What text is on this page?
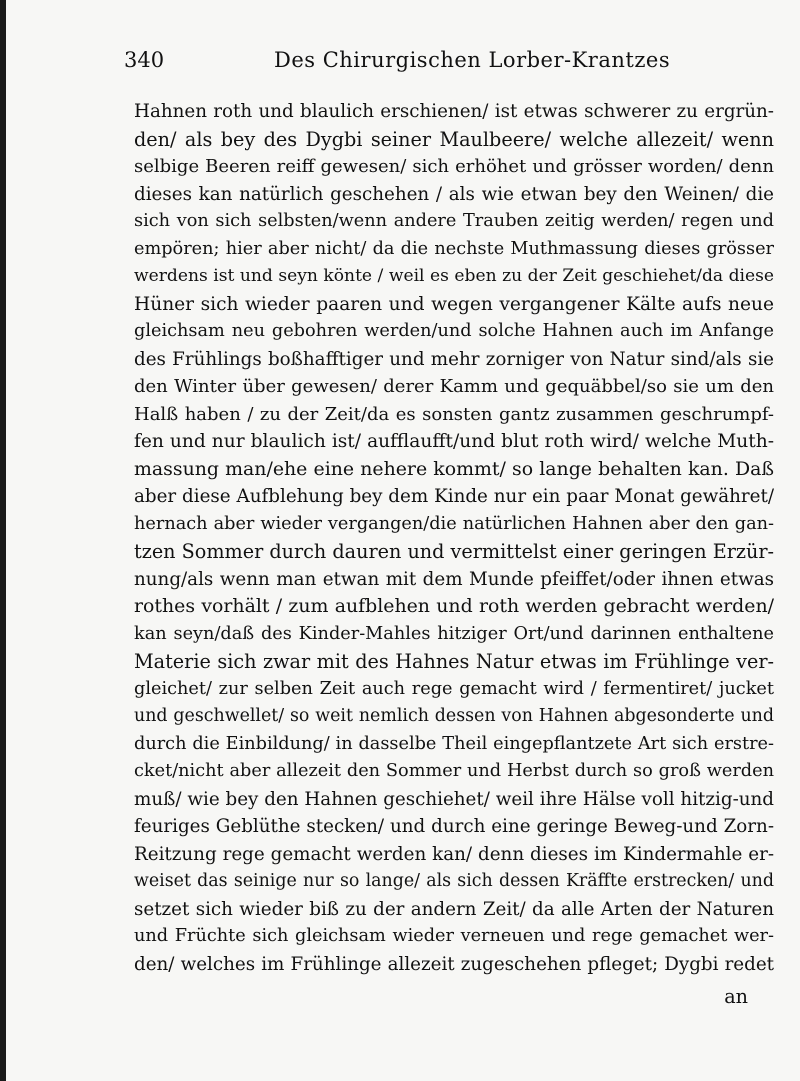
340	Des Chirurgischen Lorber-Krantzes
Hahnen roth und blaulich erschienen/ ist etwas schwerer zu ergrün-
den/ als bey des Dygbi seiner Maulbeere/ welche allezeit/ wenn
selbige Beeren reiff gewesen/ sich erhöhet und grösser worden/ denn
dieses kan natürlich geschehen / als wie etwan bey den Weinen/ die
sich von sich selbsten/wenn andere Trauben zeitig werden/ regen und
empören; hier aber nicht/ da die nechste Muthmassung dieses grösser
werdens ist und seyn könte / weil es eben zu der Zeit geschiehet/da diese
Hüner sich wieder paaren und wegen vergangener Kälte aufs neue
gleichsam neu gebohren werden/und solche Hahnen auch im Anfange
des Frühlings boßhafftiger und mehr zorniger von Natur sind/als sie
den Winter über gewesen/ derer Kamm und gequäbbel/so sie um den
Halß haben / zu der Zeit/da es sonsten gantz zusammen geschrumpf-
fen und nur blaulich ist/ aufflaufft/und blut roth wird/ welche Muth-
massung man/ehe eine nehere kommt/ so lange behalten kan. Daß
aber diese Aufblehung bey dem Kinde nur ein paar Monat gewähret/
hernach aber wieder vergangen/die natürlichen Hahnen aber den gan-
tzen Sommer durch dauren und vermittelst einer geringen Erzür-
nung/als wenn man etwan mit dem Munde pfeiffet/oder ihnen etwas
rothes vorhält / zum aufblehen und roth werden gebracht werden/
kan seyn/daß des Kinder-Mahles hitziger Ort/und darinnen enthaltene
Materie sich zwar mit des Hahnes Natur etwas im Frühlinge ver-
gleichet/ zur selben Zeit auch rege gemacht wird / fermentiret/ jucket
und geschwellet/ so weit nemlich dessen von Hahnen abgesonderte und
durch die Einbildung/ in dasselbe Theil eingepflantzete Art sich erstre-
cket/nicht aber allezeit den Sommer und Herbst durch so groß werden
muß/ wie bey den Hahnen geschiehet/ weil ihre Hälse voll hitzig-und
feuriges Geblüthe stecken/ und durch eine geringe Beweg-und Zorn-
Reitzung rege gemacht werden kan/ denn dieses im Kindermahle er-
weiset das seinige nur so lange/ als sich dessen Kräffte erstrecken/ und
setzet sich wieder biß zu der andern Zeit/ da alle Arten der Naturen
und Früchte sich gleichsam wieder verneuen und rege gemachet wer-
den/ welches im Frühlinge allezeit zugeschehen pfleget; Dygbi redet
an
